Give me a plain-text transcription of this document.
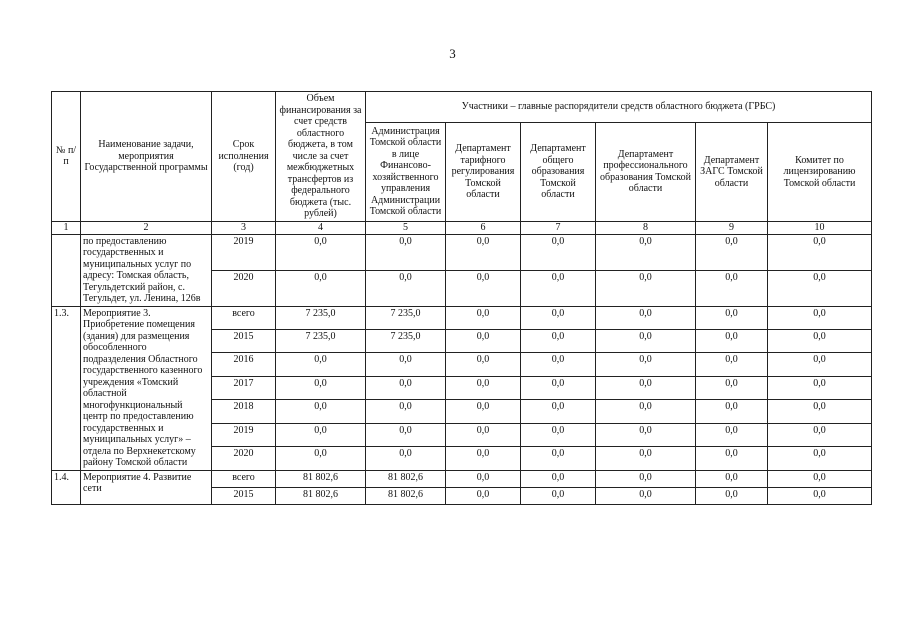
3
№ п/п	Наименование задачи, мероприятия Государственной программы	Срок исполнения (год)	Объем финансирования за счет средств областного бюджета, в том числе за счет межбюджетных трансфертов из федерального бюджета (тыс. рублей)	Участники – главные распорядители средств областного бюджета (ГРБС)					
				Администрация Томской области в лице Финансово-хозяйственного управления Администрации Томской области	Департамент тарифного регулирования Томской области	Департамент общего образования Томской области	Департамент профессионального образования Томской области	Департамент ЗАГС Томской области	Комитет по лицензированию Томской области
1	2	3	4	5	6	7	8	9	10
	по предоставлению государственных и муниципальных услуг по адресу: Томская область, Тегульдетский район, с. Тегульдет, ул. Ленина, 126в	2019	0,0	0,0	0,0	0,0	0,0	0,0	0,0
		2020	0,0	0,0	0,0	0,0	0,0	0,0	0,0
1.3.	Мероприятие 3. Приобретение помещения (здания) для размещения обособленного подразделения Областного государственного казенного учреждения «Томский областной многофункциональный центр по предоставлению государственных и муниципальных услуг» – отдела по Верхнекетскому району Томской области	всего	7 235,0	7 235,0	0,0	0,0	0,0	0,0	0,0
		2015	7 235,0	7 235,0	0,0	0,0	0,0	0,0	0,0
		2016	0,0	0,0	0,0	0,0	0,0	0,0	0,0
		2017	0,0	0,0	0,0	0,0	0,0	0,0	0,0
		2018	0,0	0,0	0,0	0,0	0,0	0,0	0,0
		2019	0,0	0,0	0,0	0,0	0,0	0,0	0,0
		2020	0,0	0,0	0,0	0,0	0,0	0,0	0,0
1.4.	Мероприятие 4. Развитие сети	всего	81 802,6	81 802,6	0,0	0,0	0,0	0,0	0,0
		2015	81 802,6	81 802,6	0,0	0,0	0,0	0,0	0,0
